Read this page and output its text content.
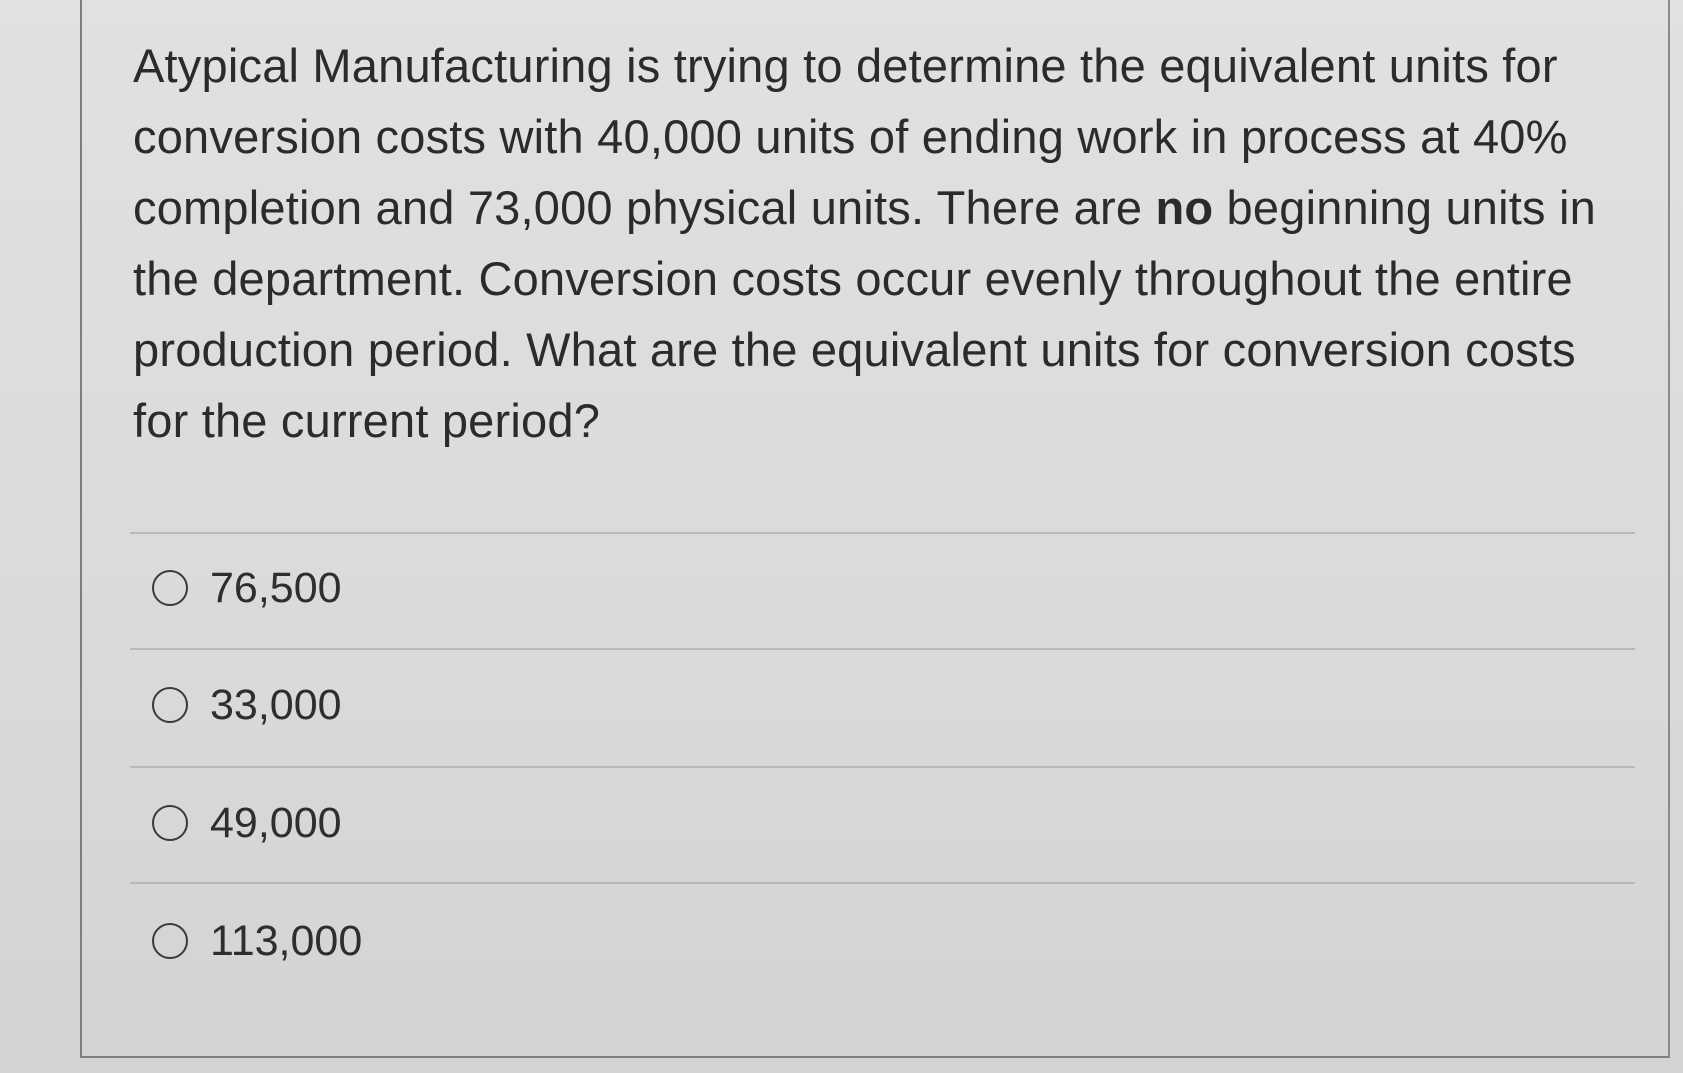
Atypical Manufacturing is trying to determine the equivalent units for conversion costs with 40,000 units of ending work in process at 40% completion and 73,000 physical units. There are no beginning units in the department. Conversion costs occur evenly throughout the entire production period. What are the equivalent units for conversion costs for the current period?

76,500
33,000
49,000
113,000
